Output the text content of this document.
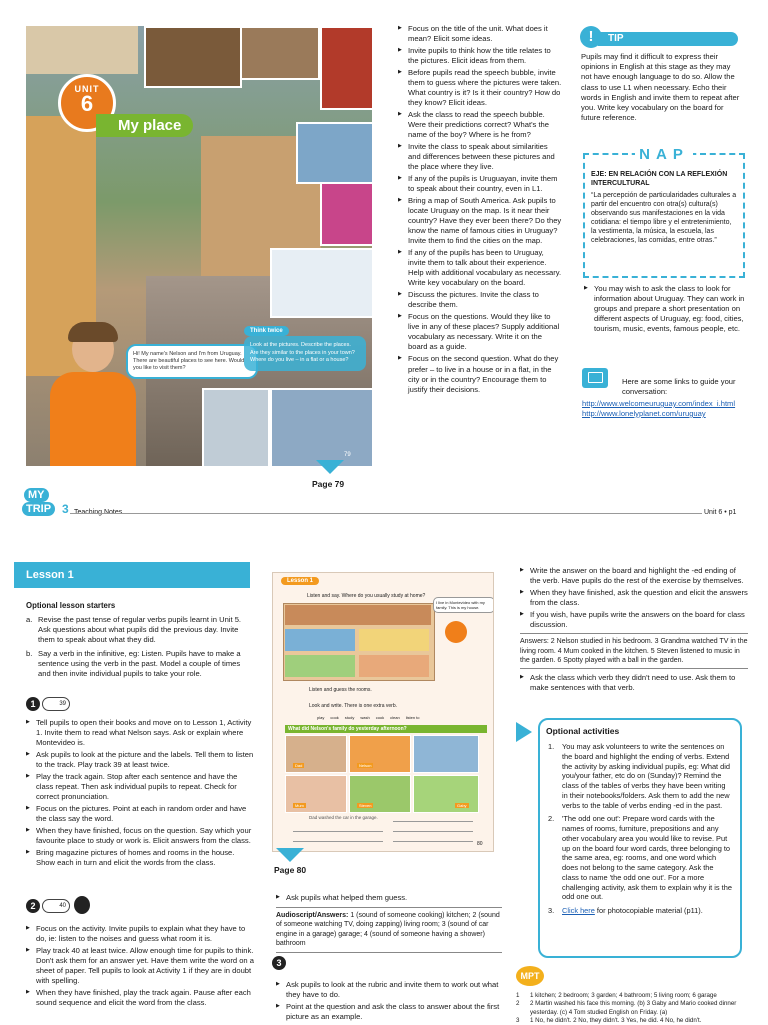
UNIT
6
My place
Hi! My name's Nelson and I'm from Uruguay. There are beautiful places to see here. Would you like to visit them?
Think twice
Look at the pictures. Describe the places. Are they similar to the places in your town? Where do you live – in a flat or a house?
79
Page 79
▶ Focus on the title of the unit. What does it mean? Elicit some ideas.
▶ Invite pupils to think how the title relates to the pictures. Elicit ideas from them.
▶ Before pupils read the speech bubble, invite them to guess where the pictures were taken. What country is it? Is it their country? How do they know? Elicit ideas.
▶ Ask the class to read the speech bubble. Were their predictions correct? What's the name of the boy? Where is he from?
▶ Invite the class to speak about similarities and differences between these pictures and the place where they live.
▶ If any of the pupils is Uruguayan, invite them to speak about their country, even in L1.
▶ Bring a map of South America. Ask pupils to locate Uruguay on the map. Is it near their country? Have they ever been there? Do they know the name of famous cities in Uruguay? Invite them to find the cities on the map.
▶ If any of the pupils has been to Uruguay, invite them to talk about their experience. Help with additional vocabulary as necessary. Write key vocabulary on the board.
▶ Discuss the pictures. Invite the class to describe them.
▶ Focus on the questions. Would they like to live in any of these places? Supply additional vocabulary as necessary. Write it on the board as a guide.
▶ Focus on the second question. What do they prefer – to live in a house or in a flat, in the city or in the country? Encourage them to justify their decisions.
!	TIP
Pupils may find it difficult to express their opinions in English at this stage as they may not have enough language to do so. Allow the class to use L1 when necessary. Echo their words in English and invite them to repeat after you. Write key vocabulary on the board for future reference.
NAP
EJE: EN RELACIÓN CON LA REFLEXIÓN INTERCULTURAL
“La percepción de particularidades culturales a partir del encuentro con otra(s) cultura(s) observando sus manifestaciones en la vida cotidiana: el tiempo libre y el entretenimiento, la vestimenta, la música, la escuela, las celebraciones, las comidas, entre otras.”
▶ You may wish to ask the class to look for information about Uruguay. They can work in groups and prepare a short presentation on different aspects of Uruguay, eg: food, cities, tourism, music, events, famous people, etc.
Here are some links to guide your conversation:
http://www.welcomeuruguay.com/index_i.html
http://www.lonelyplanet.com/uruguay
MY
TRIP 3 Teaching Notes	Unit 6 • p1
Lesson 1
Optional lesson starters
a. Revise the past tense of regular verbs pupils learnt in Unit 5. Ask questions about what pupils did the previous day. Invite them to speak about what they did.
b. Say a verb in the infinitive, eg: Listen. Pupils have to make a sentence using the verb in the past. Model a couple of times and then invite individual pupils to take your role.
1	39
▶ Tell pupils to open their books and move on to Lesson 1, Activity 1. Invite them to read what Nelson says. Ask or explain where Montevideo is.
▶ Ask pupils to look at the picture and the labels. Tell them to listen to the track. Play track 39 at least twice.
▶ Play the track again. Stop after each sentence and have the class repeat. Then ask individual pupils to repeat. Check for correct pronunciation.
▶ Focus on the pictures. Point at each in random order and have the class say the word.
▶ When they have finished, focus on the question. Say which your favourite place to study or work is. Elicit answers from the class.
▶ Bring magazine pictures of homes and rooms in the house. Show each in turn and elicit the words from the class.
2	40
▶ Focus on the activity. Invite pupils to explain what they have to do, ie: listen to the noises and guess what room it is.
▶ Play track 40 at least twice. Allow enough time for pupils to think. Don't ask them for an answer yet. Have them write the word on a sheet of paper. Tell pupils to look at Activity 1 if they are in doubt with spelling.
▶ When they have finished, play the track again. Pause after each sound sequence and elicit the word from the class.
Lesson 1
Listen and say. Where do you usually study at home?
I live in Montevideo with my family. This is my house.
Listen and guess the rooms.
Look and write. There is one extra verb.
play cook study wash cook clean listen to
What did Nelson's family do yesterday afternoon?
Dad	Nelson
Mum	Steven	Gaby
Dad washed the car in the garage.
80
Page 80
▶ Ask pupils what helped them guess.
Audioscript/Answers: 1 (sound of someone cooking) kitchen; 2 (sound of someone watching TV, doing zapping) living room; 3 (sound of car engine in a garage) garage; 4 (sound of someone having a shower) bathroom
3
▶ Ask pupils to look at the rubric and invite them to work out what they have to do.
▶ Point at the question and ask the class to answer about the first picture as an example.
▶ Write the answer on the board and highlight the -ed ending of the verb. Have pupils do the rest of the exercise by themselves.
▶ When they have finished, ask the question and elicit the answers from the class.
▶ If you wish, have pupils write the answers on the board for class discussion.
Answers: 2 Nelson studied in his bedroom. 3 Grandma watched TV in the living room. 4 Mum cooked in the kitchen. 5 Steven listened to music in the garden. 6 Spotty played with a ball in the garden.
▶ Ask the class which verb they didn't need to use. Ask them to make sentences with that verb.
Optional activities
1. You may ask volunteers to write the sentences on the board and highlight the ending of verbs. Extend the activity by asking individual pupils, eg: What did you/your father, etc do on (Sunday)? Remind the class of the tables of verbs they have been writing in their notebooks/folders. Ask them to add the new verbs to the table of verbs ending -ed in the past.
2. 'The odd one out': Prepare word cards with the names of rooms, furniture, prepositions and any other vocabulary area you would like to revise. Put up on the board four word cards, three belonging to the same area, eg: rooms, and one word which does not belong to the same category. Ask the class to name 'the odd one out'. For a more challenging activity, ask them to explain why it is the odd one out.
3. Click here for photocopiable material (p11).
MPT
1 1 kitchen; 2 bedroom; 3 garden; 4 bathroom; 5 living room; 6 garage
2 2 Martin washed his face this morning. (b) 3 Gaby and Mario cooked dinner yesterday. (c) 4 Tom studied English on Friday. (a)
3 1 No, he didn't. 2 No, they didn't. 3 Yes, he did. 4 No, he didn't.
